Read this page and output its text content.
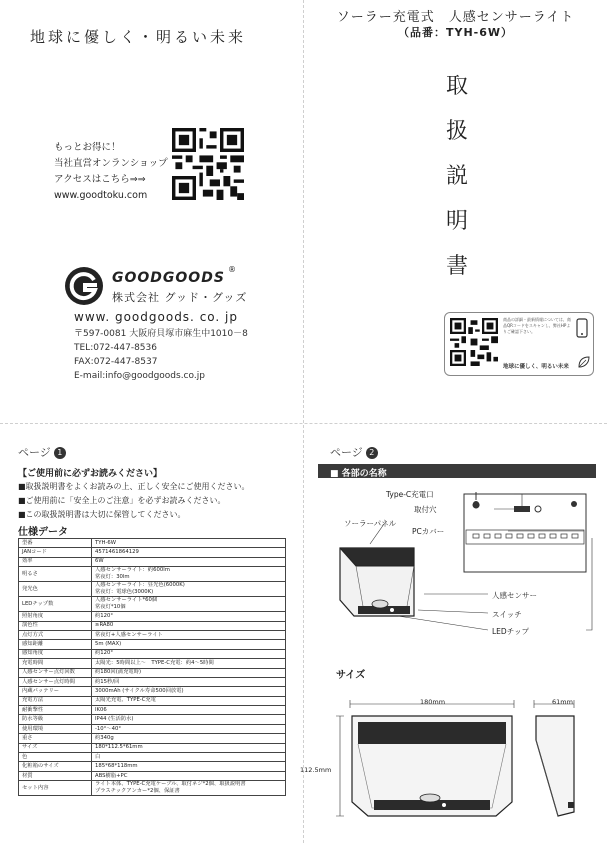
地球に優しく・明るい未来
もっとお得に！
当社直営オンランショップ
アクセスはこちら⇒⇒
www.goodtoku.com
GOODGOODS
®
株式会社 グッド・グッズ
www. goodgoods. co. jp
〒597-0081 大阪府貝塚市麻生中1010－8
TEL:072-447-8536
FAX:072-447-8537
E-mail:info@goodgoods.co.jp
ソーラー充電式　人感センサーライト
（品番：TYH-6W）
取
扱
説
明
書
商品の詳細・最新情報については、商品QRコードをスキャンし、弊社HPよりご確認下さい。
地球に優しく、明るい未来
ページ 1
【ご使用前に必ずお読みください】
■取扱説明書をよくお読みの上、正しく安全にご使用ください。
■ご使用前に「安全上のご注意」を必ずお読みください。
■この取扱説明書は大切に保管してください。
仕様データ
型番	TYH-6W
JANコード	4571461864129
効率	6W
明るさ	人感センサーライト：約600lm
常夜灯：30lm
発光色	人感センサーライト：昼光色(6000K)
常夜灯：電球色(3000K)
LEDチップ数	人感センサーライト*60個
常夜灯*10個
照射角度	約120°
演色性	≥RA80
点灯方式	常夜灯+人感センサーライト
感知距離	5m (MAX)
感知角度	約120°
充電時間	太陽光：5時間以上～　TYPE-C充電：約4～5時間
人感センサー点灯回数	約180回(満充電時)
人感センサー点灯時間	約15秒/回
内蔵バッテリー	3000mAh (サイクル寿命500回放電)
充電方法	太陽光充電、TYPE-C充電
耐衝撃性	IK06
防水等級	IP44 (生活防水)
使用環境	-10°～40°
重さ	約340g
サイズ	180*112.5*61mm
色	白
化粧箱のサイズ	185*68*118mm
材質	ABS樹脂+PC
セット内容	ライト本体、TYPE-C充電ケーブル、取付ネジ*2個、取扱説明書
プラスチックアンカー*2個、保証書
ページ 2
■ 各部の名称
Type-C充電口
取付穴
ソーラーパネル
PCカバー
人感センサー
スイッチ
LEDチップ
サイズ
180mm	61mm
112.5mm
